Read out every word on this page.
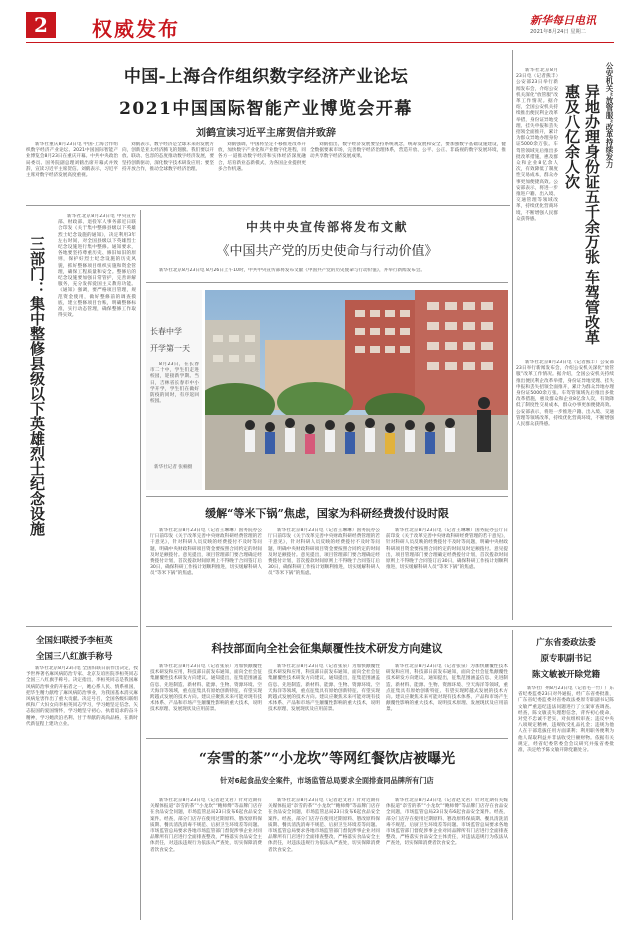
2	权威发布	新华每日电讯
2021年8月24日 星期二
中国-上海合作组织数字经济产业论坛
2021中国国际智能产业博览会开幕
刘鹤宣读习近平主席贺信并致辞

新华社重庆8月23日电 中国-上海合作组织数字经济产业论坛、2021中国国际智能产业博览会8月23日在重庆开幕。中共中央政治局委员、国务院副总理刘鹤出席开幕式并致辞，宣读习近平主席贺信。刘鹤表示，习近平主席对数字经济发展高度重视。

刘鹤表示，数字经济是全球未来的发展方向，创新是亚太经济腾飞的翅膀。我们要以开放、联动、包容的态度推动数字经济发展，要坚持创新驱动，深化数字技术研发应用；要坚持开放合作，推动全球数字经济治理。

刘鹤强调，中国将坚定不移推进改革开放，加快数字产业化和产业数字化进程，同各方一道推动数字经济和实体经济深度融合，培育新业态新模式，为各国企业提供更多合作机遇。

刘鹤指出，数字经济发展要坚持系统观念，统筹发展和安全，要加强数字基础设施建设，健全数据要素市场，完善数字经济治理体系，营造开放、公平、公正、非歧视的数字发展环境，推动共享数字经济发展成果。	公安机关“放管服”改革持续发力
异地办理身份证五千余万张 车驾管改革惠及八亿余人次

新华社北京8月23日电（记者熊丰）公安部23日举行新闻发布会，介绍公安机关深化“放管服”改革工作情况。据介绍，全国公安机关持续推出便民利企改革举措，身份证异地受理、挂失申报和丢失招领全面推开，累计为群众异地办理身份证5000余万张。车驾管领域先后推出多批改革措施，惠及群众和企业8亿余人次，有效降低了制度性交易成本，群众办事更加便捷高效。公安部表示，将进一步推进户籍、出入境、交通管理等领域改革，持续优化营商环境，不断增强人民群众获得感。

新华社北京8月23日电（记者熊丰）公安部23日举行新闻发布会，介绍公安机关深化“放管服”改革工作情况。据介绍，全国公安机关持续推出便民利企改革举措，身份证异地受理、挂失申报和丢失招领全面推开，累计为群众异地办理身份证5000余万张。车驾管领域先后推出多批改革措施，惠及群众和企业8亿余人次，有效降低了制度性交易成本，群众办事更加便捷高效。公安部表示，将进一步推进户籍、出入境、交通管理等领域改革，持续优化营商环境，不断增强人民群众获得感。

三部门：集中整修县级以下英雄烈士纪念设施

新华社北京8月23日电 中央宣传部、财政部、退役军人事务部近日联合印发《关于集中整修县级以下英雄烈士纪念设施的通知》，决定利用3年左右时间，对全国县级以下英雄烈士纪念设施进行集中整修。通知要求，各地要坚持尊重历史、修旧如旧的原则，保护好烈士纪念设施的历史风貌，抓好整修项目组织实施和资金管理，确保工程质量和安全。整修后的纪念设施要加强日常管护，完善讲解服务，充分发挥爱国主义教育功能。《通知》强调，要严格项目管理，规范资金使用，做好整修前的调查摸底，建立整修项目台账，明确整修标准，实行动态管理，确保整修工作取得实效。

中共中央宣传部将发布文献
《中国共产党的历史使命与行动价值》

新华社北京8月23日电 8月26日上午10时，中共中央宣传部将发布文献《中国共产党的历史使命与行动价值》，并举行新闻发布会。

长春中学
开学第一天

8月23日，在长春市二十中，学生们走进校园，迎接新学期。当日，吉林省长春市中小学开学，学生们在做好防疫的同时，有序返回校园。

新华社记者 张楠摄
缓解“等米下锅”焦虑，国家为科研经费拨付设时限

新华社北京8月23日电（记者王琳琳）国务院办公厅日前印发《关于改革完善中央财政科研经费管理的若干意见》，针对科研人员反映的经费拨付不及时等问题，明确中央财政科研项目资金要按照合同约定的时间及时足额拨付。意见提出，项目管理部门要合理确定经费拨付计划，首次拨款时间原则上不得晚于合同签订后30日，确保科研工作按计划顺利推进，切实缓解科研人员“等米下锅”的焦虑。

新华社北京8月23日电（记者王琳琳）国务院办公厅日前印发《关于改革完善中央财政科研经费管理的若干意见》，针对科研人员反映的经费拨付不及时等问题，明确中央财政科研项目资金要按照合同约定的时间及时足额拨付。意见提出，项目管理部门要合理确定经费拨付计划，首次拨款时间原则上不得晚于合同签订后30日，确保科研工作按计划顺利推进，切实缓解科研人员“等米下锅”的焦虑。

新华社北京8月23日电（记者王琳琳）国务院办公厅日前印发《关于改革完善中央财政科研经费管理的若干意见》，针对科研人员反映的经费拨付不及时等问题，明确中央财政科研项目资金要按照合同约定的时间及时足额拨付。意见提出，项目管理部门要合理确定经费拨付计划，首次拨款时间原则上不得晚于合同签订后30日，确保科研工作按计划顺利推进，切实缓解科研人员“等米下锅”的焦虑。

全国妇联授予李桓英
全国三八红旗手称号

新华社北京8月23日电 全国妇联日前作出决定，授予世界著名麻风病防治专家、北京友谊医院李桓英同志全国三八红旗手称号。决定指出，李桓英同志是我国麻风病防治事业的开拓者之一，她心系人民、情系祖国，把毕生精力献给了麻风病防治事业，为我国基本消灭麻风病危害作出了重大贡献。决定号召，全国各级妇联组织和广大妇女向李桓英同志学习，学习她坚定信念、矢志报国的爱国情怀，学习她坚守初心、执着追求的奋斗精神，学习她淡泊名利、甘于奉献的高尚品格，在新时代新征程上建功立业。

科技部面向全社会征集颠覆性技术研发方向建议

新华社北京8月23日电（记者张泉）为加快颠覆性技术研发和应用，科技部日前发布通知，面向全社会征集颠覆性技术研发方向建议。通知提出，征集范围涵盖信息、先进制造、新材料、能源、生物、资源环境、空天海洋等领域，重点征集具有原始创新特征、有望实现跨越式发展的技术方向。建议应聚焦未来可能对现有技术体系、产品和市场产生颠覆性影响的重大技术，说明技术原理、发展现状及应用前景。

新华社北京8月23日电（记者张泉）为加快颠覆性技术研发和应用，科技部日前发布通知，面向全社会征集颠覆性技术研发方向建议。通知提出，征集范围涵盖信息、先进制造、新材料、能源、生物、资源环境、空天海洋等领域，重点征集具有原始创新特征、有望实现跨越式发展的技术方向。建议应聚焦未来可能对现有技术体系、产品和市场产生颠覆性影响的重大技术，说明技术原理、发展现状及应用前景。

新华社北京8月23日电（记者张泉）为加快颠覆性技术研发和应用，科技部日前发布通知，面向全社会征集颠覆性技术研发方向建议。通知提出，征集范围涵盖信息、先进制造、新材料、能源、生物、资源环境、空天海洋等领域，重点征集具有原始创新特征、有望实现跨越式发展的技术方向。建议应聚焦未来可能对现有技术体系、产品和市场产生颠覆性影响的重大技术，说明技术原理、发展现状及应用前景。

广东省委政法委
原专职副书记
陈文敏被开除党籍

新华社广州8月23日电（记者毛一竹）广东省纪委监委23日对外通报，经广东省委批准，广东省纪委监委对省委政法委原专职副书记陈文敏严重违纪违法问题进行了立案审查调查。经查，陈文敏丧失理想信念，背弃初心使命，对党不忠诚不老实，对抗组织审查；违反中央八项规定精神，违规收受礼品礼金；违规为他人在干部选拔任用方面谋利；利用职务便利为他人谋取利益并非法收受巨额财物。依据有关规定，经省纪委常委会会议研究并报省委批准，决定给予陈文敏开除党籍处分。

“奈雪的茶”“小龙坎”等网红餐饮店被曝光
针对6起食品安全案件，市场监管总局要求全面排查同品牌所有门店

新华社北京8月23日电（记者赵文君）针对近期有关媒体报道“奈雪的茶”“小龙坎”“鲍师傅”等品牌门店存在食品安全问题，市场监管总局23日发布6起食品安全案件。经查，部分门店存在使用过期原料、篡改原料保质期、餐具清洗消毒不规范、后厨卫生环境差等问题。市场监管总局要求各地市场监管部门督促涉事企业对同品牌所有门店进行全面排查整改，严格落实食品安全主体责任，对违法违规行为依法从严查处，切实保障消费者饮食安全。

新华社北京8月23日电（记者赵文君）针对近期有关媒体报道“奈雪的茶”“小龙坎”“鲍师傅”等品牌门店存在食品安全问题，市场监管总局23日发布6起食品安全案件。经查，部分门店存在使用过期原料、篡改原料保质期、餐具清洗消毒不规范、后厨卫生环境差等问题。市场监管总局要求各地市场监管部门督促涉事企业对同品牌所有门店进行全面排查整改，严格落实食品安全主体责任，对违法违规行为依法从严查处，切实保障消费者饮食安全。

新华社北京8月23日电（记者赵文君）针对近期有关媒体报道“奈雪的茶”“小龙坎”“鲍师傅”等品牌门店存在食品安全问题，市场监管总局23日发布6起食品安全案件。经查，部分门店存在使用过期原料、篡改原料保质期、餐具清洗消毒不规范、后厨卫生环境差等问题。市场监管总局要求各地市场监管部门督促涉事企业对同品牌所有门店进行全面排查整改，严格落实食品安全主体责任，对违法违规行为依法从严查处，切实保障消费者饮食安全。
